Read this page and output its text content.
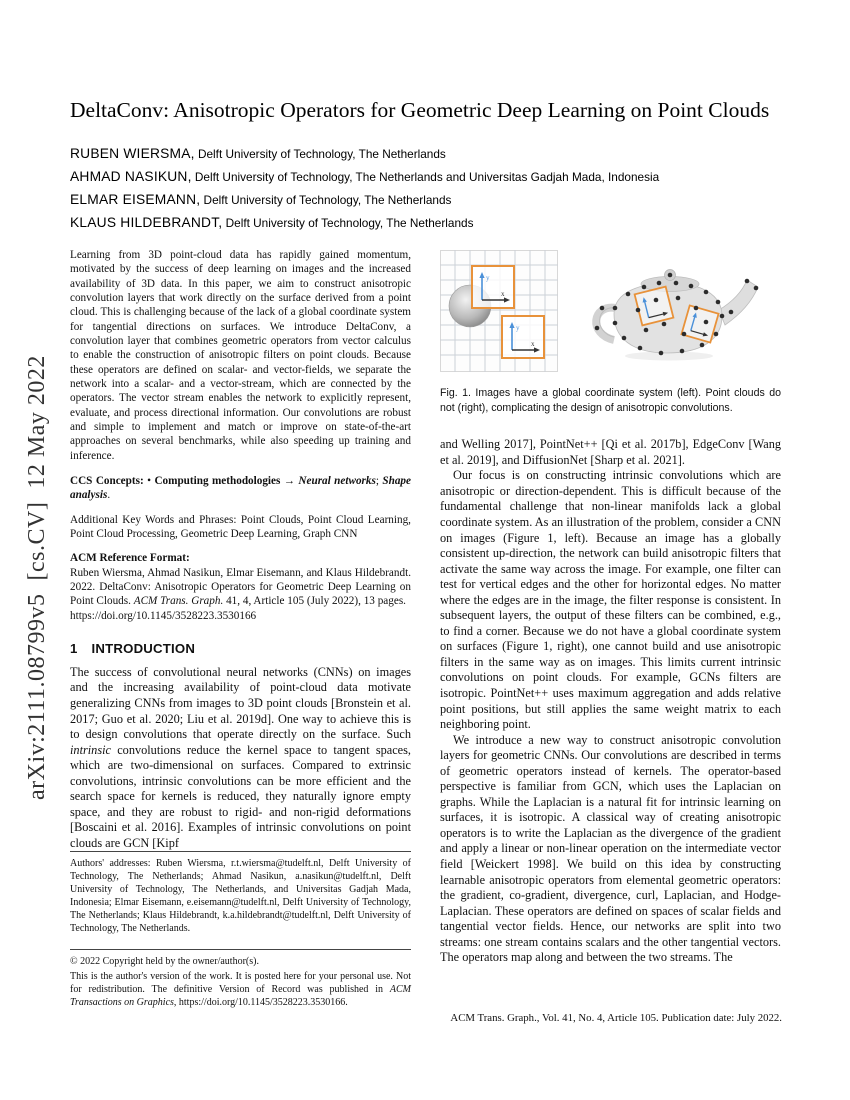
arXiv:2111.08799v5  [cs.CV]  12 May 2022
DeltaConv: Anisotropic Operators for Geometric Deep Learning on Point Clouds
RUBEN WIERSMA, Delft University of Technology, The Netherlands
AHMAD NASIKUN, Delft University of Technology, The Netherlands and Universitas Gadjah Mada, Indonesia
ELMAR EISEMANN, Delft University of Technology, The Netherlands
KLAUS HILDEBRANDT, Delft University of Technology, The Netherlands

Learning from 3D point-cloud data has rapidly gained momentum, motivated by the success of deep learning on images and the increased availability of 3D data. In this paper, we aim to construct anisotropic convolution layers that work directly on the surface derived from a point cloud. This is challenging because of the lack of a global coordinate system for tangential directions on surfaces. We introduce DeltaConv, a convolution layer that combines geometric operators from vector calculus to enable the construction of anisotropic filters on point clouds. Because these operators are defined on scalar- and vector-fields, we separate the network into a scalar- and a vector-stream, which are connected by the operators. The vector stream enables the network to explicitly represent, evaluate, and process directional information. Our convolutions are robust and simple to implement and match or improve on state-of-the-art approaches on several benchmarks, while also speeding up training and inference.

CCS Concepts: • Computing methodologies → Neural networks; Shape analysis.

Additional Key Words and Phrases: Point Clouds, Point Cloud Learning, Point Cloud Processing, Geometric Deep Learning, Graph CNN

ACM Reference Format:
Ruben Wiersma, Ahmad Nasikun, Elmar Eisemann, and Klaus Hildebrandt. 2022. DeltaConv: Anisotropic Operators for Geometric Deep Learning on Point Clouds. ACM Trans. Graph. 41, 4, Article 105 (July 2022), 13 pages.
https://doi.org/10.1145/3528223.3530166

1 INTRODUCTION

The success of convolutional neural networks (CNNs) on images and the increasing availability of point-cloud data motivate generalizing CNNs from images to 3D point clouds [Bronstein et al. 2017; Guo et al. 2020; Liu et al. 2019d]. One way to achieve this is to design convolutions that operate directly on the surface. Such intrinsic convolutions reduce the kernel space to tangent spaces, which are two-dimensional on surfaces. Compared to extrinsic convolutions, intrinsic convolutions can be more efficient and the search space for kernels is reduced, they naturally ignore empty space, and they are robust to rigid- and non-rigid deformations [Boscaini et al. 2016]. Examples of intrinsic convolutions on point clouds are GCN [Kipf

Authors' addresses: Ruben Wiersma, r.t.wiersma@tudelft.nl, Delft University of Technology, The Netherlands; Ahmad Nasikun, a.nasikun@tudelft.nl, Delft University of Technology, The Netherlands, and Universitas Gadjah Mada, Indonesia; Elmar Eisemann, e.eisemann@tudelft.nl, Delft University of Technology, The Netherlands; Klaus Hildebrandt, k.a.hildebrandt@tudelft.nl, Delft University of Technology, The Netherlands.

© 2022 Copyright held by the owner/author(s).

This is the author's version of the work. It is posted here for your personal use. Not for redistribution. The definitive Version of Record was published in ACM Transactions on Graphics, https://doi.org/10.1145/3528223.3530166.

y
x
y
x

Fig. 1. Images have a global coordinate system (left). Point clouds do not (right), complicating the design of anisotropic convolutions.

and Welling 2017], PointNet++ [Qi et al. 2017b], EdgeConv [Wang et al. 2019], and DiffusionNet [Sharp et al. 2021].

Our focus is on constructing intrinsic convolutions which are anisotropic or direction-dependent. This is difficult because of the fundamental challenge that non-linear manifolds lack a global coordinate system. As an illustration of the problem, consider a CNN on images (Figure 1, left). Because an image has a globally consistent up-direction, the network can build anisotropic filters that activate the same way across the image. For example, one filter can test for vertical edges and the other for horizontal edges. No matter where the edges are in the image, the filter response is consistent. In subsequent layers, the output of these filters can be combined, e.g., to find a corner. Because we do not have a global coordinate system on surfaces (Figure 1, right), one cannot build and use anisotropic filters in the same way as on images. This limits current intrinsic convolutions on point clouds. For example, GCNs filters are isotropic. PointNet++ uses maximum aggregation and adds relative point positions, but still applies the same weight matrix to each neighboring point.

We introduce a new way to construct anisotropic convolution layers for geometric CNNs. Our convolutions are described in terms of geometric operators instead of kernels. The operator-based perspective is familiar from GCN, which uses the Laplacian on graphs. While the Laplacian is a natural fit for intrinsic learning on surfaces, it is isotropic. A classical way of creating anisotropic operators is to write the Laplacian as the divergence of the gradient and apply a linear or non-linear operation on the intermediate vector field [Weickert 1998]. We build on this idea by constructing learnable anisotropic operators from elemental geometric operators: the gradient, co-gradient, divergence, curl, Laplacian, and Hodge-Laplacian. These operators are defined on spaces of scalar fields and tangential vector fields. Hence, our networks are split into two streams: one stream contains scalars and the other tangential vectors. The operators map along and between the two streams. The

ACM Trans. Graph., Vol. 41, No. 4, Article 105. Publication date: July 2022.
